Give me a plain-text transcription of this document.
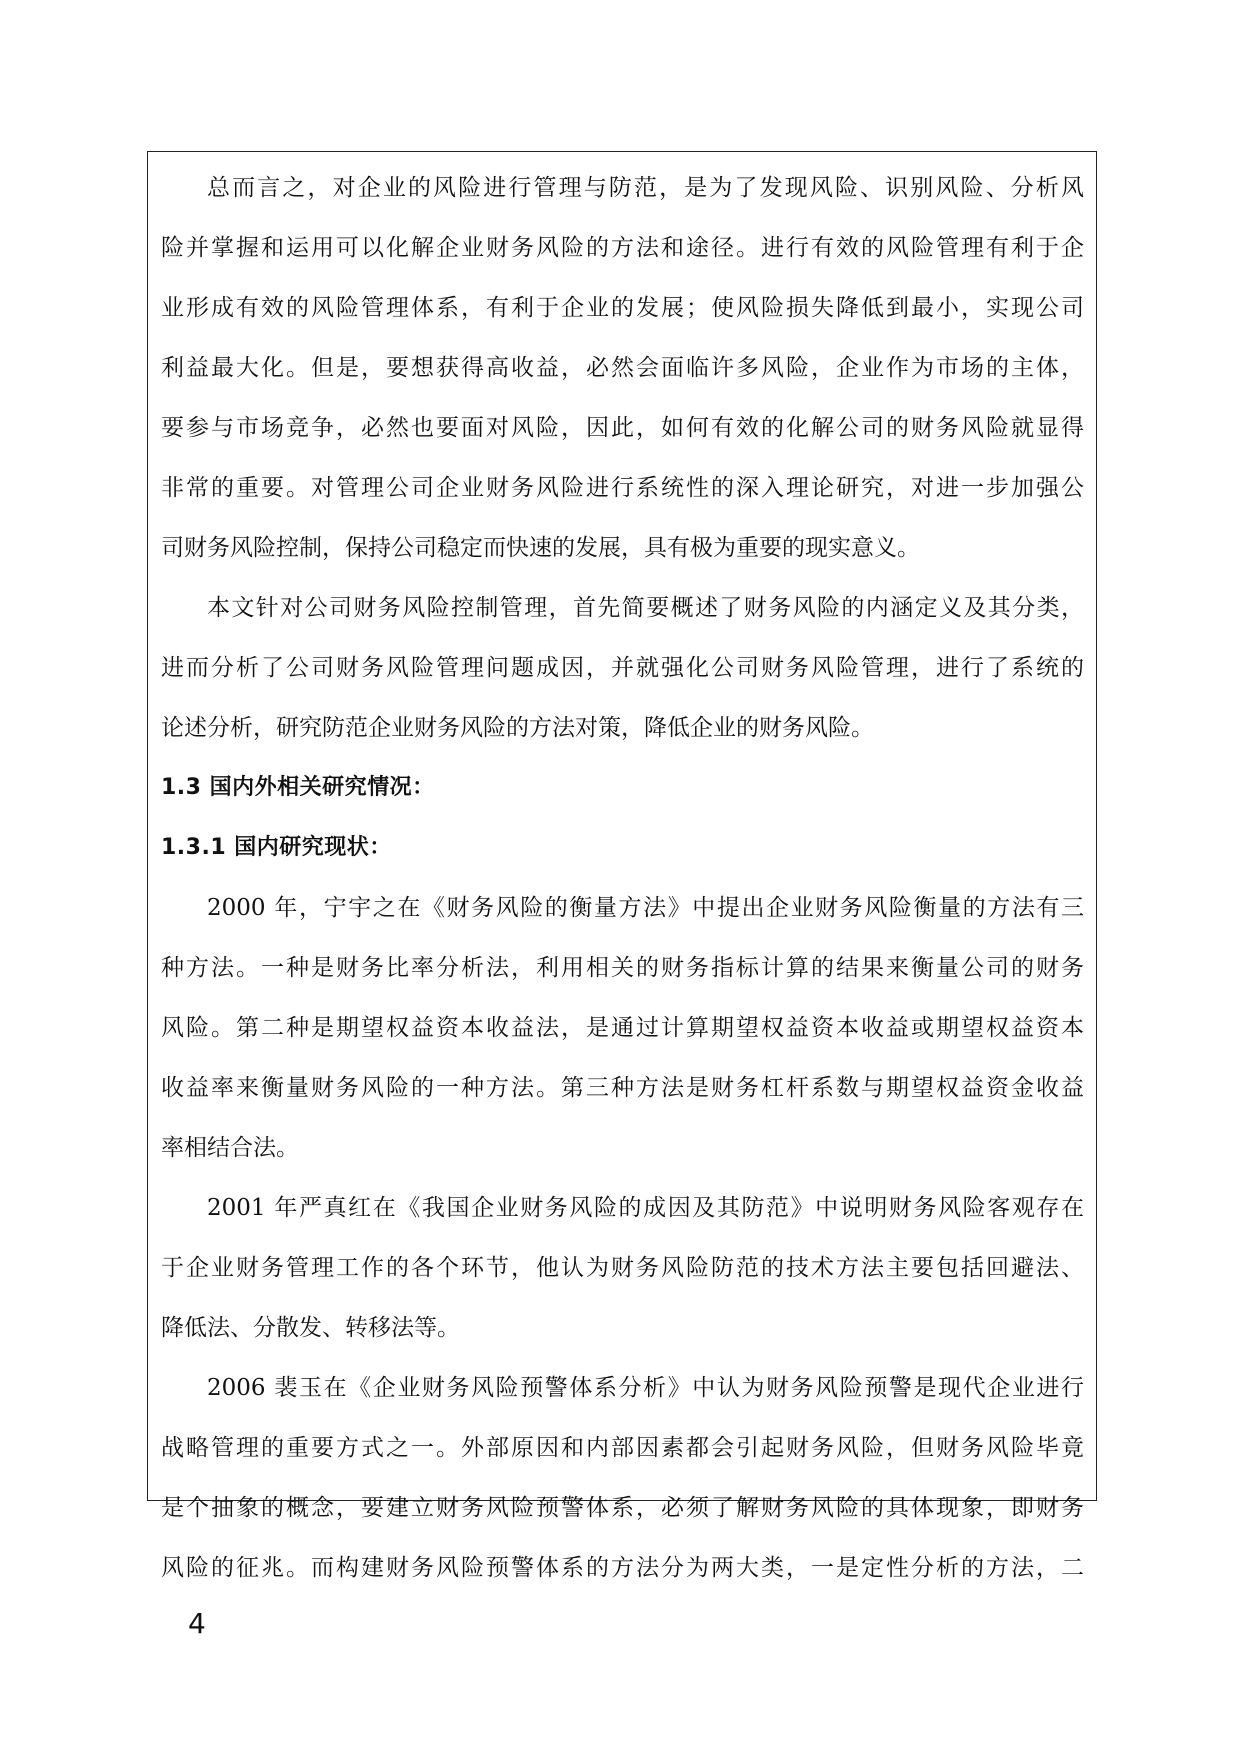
总而言之，对企业的风险进行管理与防范，是为了发现风险、识别风险、分析风
险并掌握和运用可以化解企业财务风险的方法和途径。进行有效的风险管理有利于企
业形成有效的风险管理体系，有利于企业的发展；使风险损失降低到最小，实现公司
利益最大化。但是，要想获得高收益，必然会面临许多风险，企业作为市场的主体，
要参与市场竞争，必然也要面对风险，因此，如何有效的化解公司的财务风险就显得
非常的重要。对管理公司企业财务风险进行系统性的深入理论研究，对进一步加强公
司财务风险控制，保持公司稳定而快速的发展，具有极为重要的现实意义。
本文针对公司财务风险控制管理，首先简要概述了财务风险的内涵定义及其分类，
进而分析了公司财务风险管理问题成因，并就强化公司财务风险管理，进行了系统的
论述分析，研究防范企业财务风险的方法对策，降低企业的财务风险。
1.3 国内外相关研究情况：
1.3.1 国内研究现状：
2000 年，宁宇之在《财务风险的衡量方法》中提出企业财务风险衡量的方法有三
种方法。一种是财务比率分析法，利用相关的财务指标计算的结果来衡量公司的财务
风险。第二种是期望权益资本收益法，是通过计算期望权益资本收益或期望权益资本
收益率来衡量财务风险的一种方法。第三种方法是财务杠杆系数与期望权益资金收益
率相结合法。
2001 年严真红在《我国企业财务风险的成因及其防范》中说明财务风险客观存在
于企业财务管理工作的各个环节，他认为财务风险防范的技术方法主要包括回避法、
降低法、分散发、转移法等。
2006 裴玉在《企业财务风险预警体系分析》中认为财务风险预警是现代企业进行
战略管理的重要方式之一。外部原因和内部因素都会引起财务风险，但财务风险毕竟
是个抽象的概念，要建立财务风险预警体系，必须了解财务风险的具体现象，即财务
风险的征兆。而构建财务风险预警体系的方法分为两大类，一是定性分析的方法，二
4
